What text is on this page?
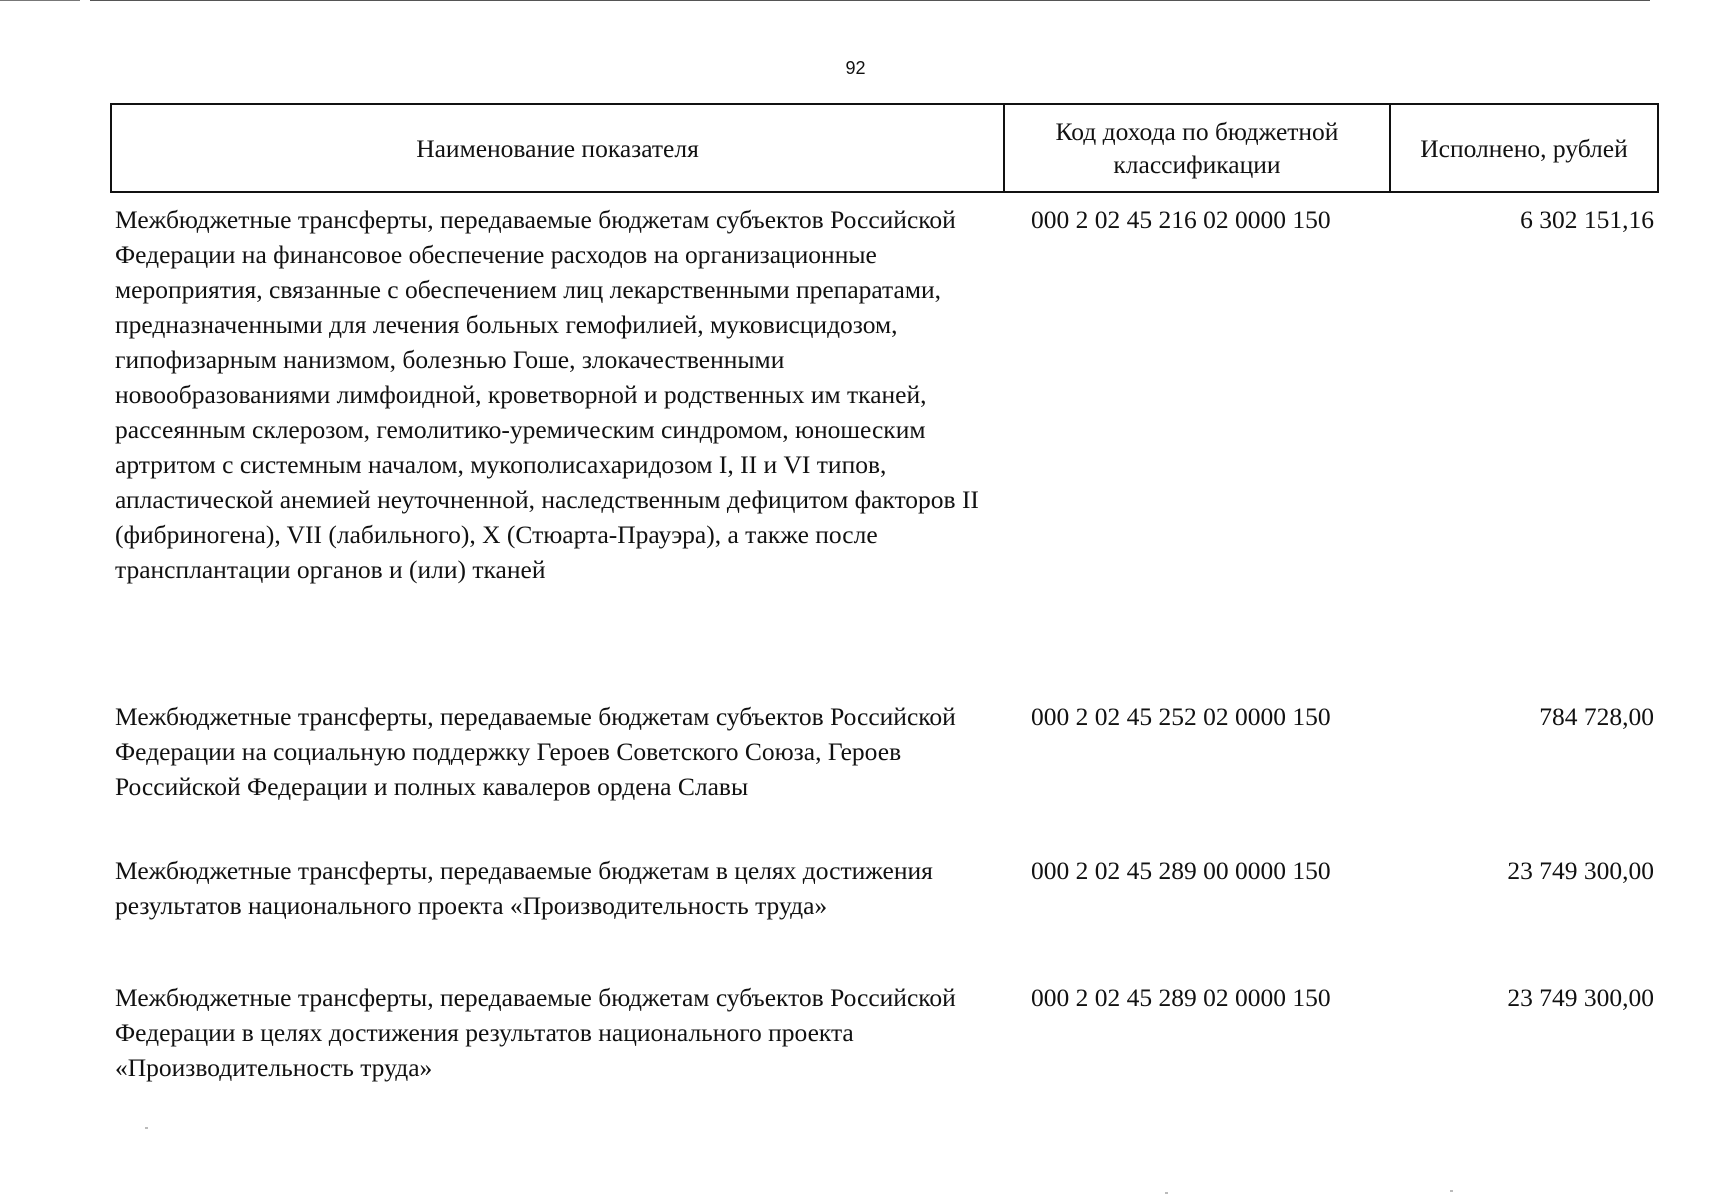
92
Наименование показателя	Код дохода по бюджетной классификации	Исполнено, рублей
Межбюджетные трансферты, передаваемые бюджетам субъектов Российской Федерации на финансовое обеспечение расходов на организационные мероприятия, связанные с обеспечением лиц лекарственными препаратами, предназначенными для лечения больных гемофилией, муковисцидозом, гипофизарным нанизмом, болезнью Гоше, злокачественными новообразованиями лимфоидной, кроветворной и родственных им тканей, рассеянным склерозом, гемолитико-уремическим синдромом, юношеским артритом с системным началом, мукополисахаридозом I, II и VI типов, апластической анемией неуточненной, наследственным дефицитом факторов II (фибриногена), VII (лабильного), X (Стюарта-Прауэра), а также после трансплантации органов и (или) тканей	000 2 02 45 216 02 0000 150	6 302 151,16
Межбюджетные трансферты, передаваемые бюджетам субъектов Российской Федерации на социальную поддержку Героев Советского Союза, Героев Российской Федерации и полных кавалеров ордена Славы	000 2 02 45 252 02 0000 150	784 728,00
Межбюджетные трансферты, передаваемые бюджетам в целях достижения результатов национального проекта «Производительность труда»	000 2 02 45 289 00 0000 150	23 749 300,00
Межбюджетные трансферты, передаваемые бюджетам субъектов Российской Федерации в целях достижения результатов национального проекта «Производительность труда»	000 2 02 45 289 02 0000 150	23 749 300,00
